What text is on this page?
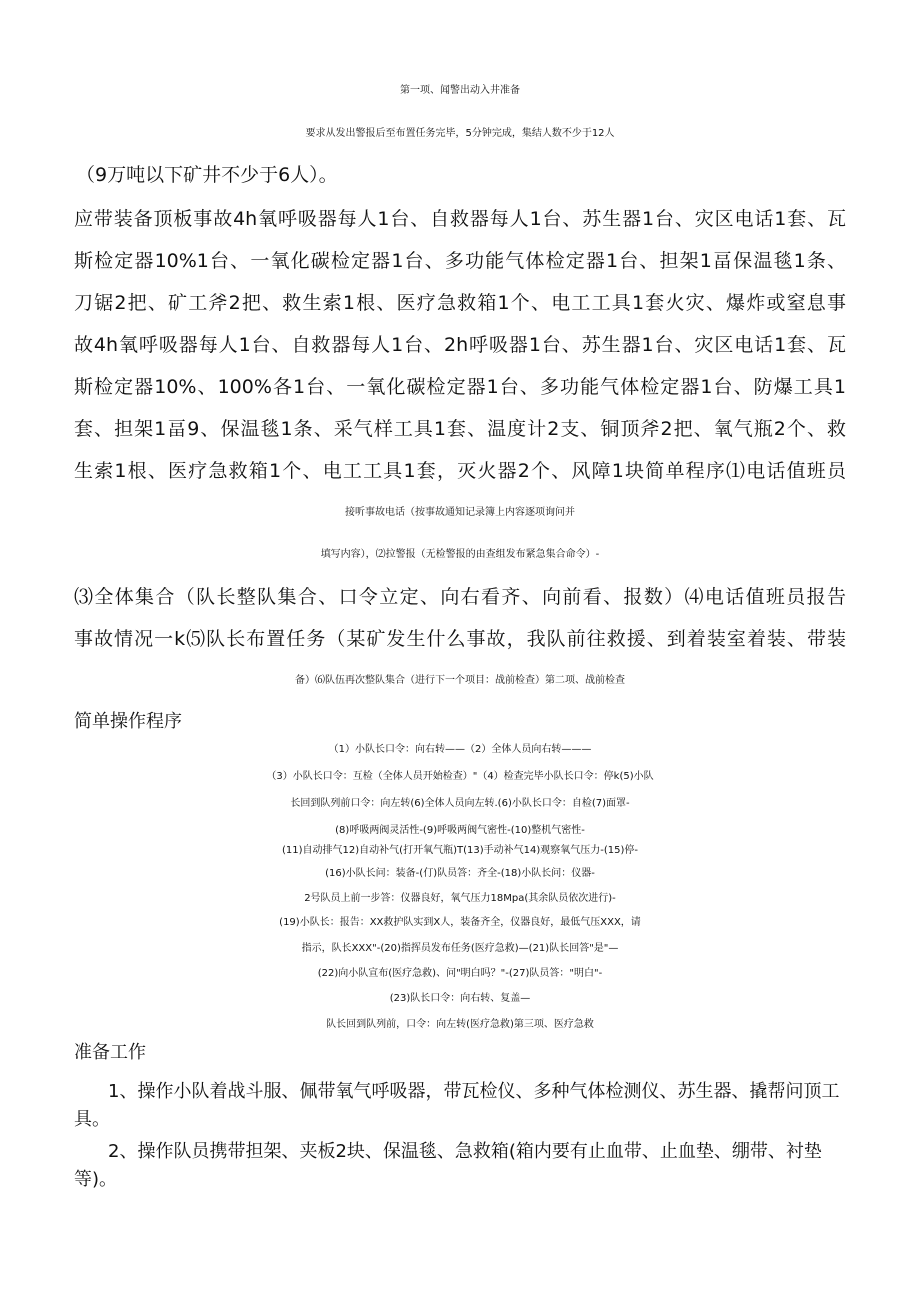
第一项、闻警出动入井准备
要求从发出警报后至布置任务完毕，5分钟完成，集结人数不少于12人
（9万吨以下矿井不少于6人）。
应带装备顶板事故4h氧呼吸器每人1台、自救器每人1台、苏生器1台、灾区电话1套、瓦
斯检定器10%1台、一氧化碳检定器1台、多功能气体检定器1台、担架1畐保温毯1条、
刀锯2把、矿工斧2把、救生索1根、医疗急救箱1个、电工工具1套火灾、爆炸或窒息事
故4h氧呼吸器每人1台、自救器每人1台、2h呼吸器1台、苏生器1台、灾区电话1套、瓦
斯检定器10%、100%各1台、一氧化碳检定器1台、多功能气体检定器1台、防爆工具1
套、担架1畐9、保温毯1条、采气样工具1套、温度计2支、铜顶斧2把、氧气瓶2个、救
生索1根、医疗急救箱1个、电工工具1套，灭火器2个、风障1块简单程序⑴电话值班员
接听事故电话（按事故通知记录簿上内容逐项询问并
填写内容），⑵拉警报（无检警报的由查组发布紧急集合命令）-
⑶全体集合（队长整队集合、口令立定、向右看齐、向前看、报数）⑷电话值班员报告
事故情况一k⑸队长布置任务（某矿发生什么事故，我队前往救援、到着装室着装、带装
备）⑹队伍再次整队集合（进行下一个项目：战前检查）第二项、战前检查
简单操作程序
（1）小队长口令：向右转——（2）全体人员向右转———
（3）小队长口令：互检（全体人员开始检查）"（4）检查完毕小队长口令：停k(5)小队
长回到队列前口令：向左转(6)全体人员向左转.(6)小队长口令：自检(7)面罩-
(8)呼吸两阀灵活性-(9)呼吸两阀气密性-(10)整机气密性-
(11)自动排气12)自动补气(打开氧气瓶)T(13)手动补气14)观察氧气压力-(15)停-
(16)小队长问：装备-(仃)队员答：齐全-(18)小队长问：仪器-
2号队员上前一步答：仪器良好，氧气压力18Mpa(其余队员依次进行)-
(19)小队长：报告：XX救护队实到X人，装备齐全，仪器良好，最低气压XXX，请
指示，队长XXX"-(20)指挥员发布任务(医疗急救)—(21)队长回答"是"—
(22)向小队宣布(医疗急救)、问"明白吗？"-(27)队员答："明白"-
(23)队长口令：向右转、复盖—
队长回到队列前，口令：向左转(医疗急救)第三项、医疗急救
准备工作
1、操作小队着战斗服、佩带氧气呼吸器，带瓦检仪、多种气体检测仪、苏生器、撬帮问顶工具。
2、操作队员携带担架、夹板2块、保温毯、急救箱(箱内要有止血带、止血垫、绷带、衬垫等)。
